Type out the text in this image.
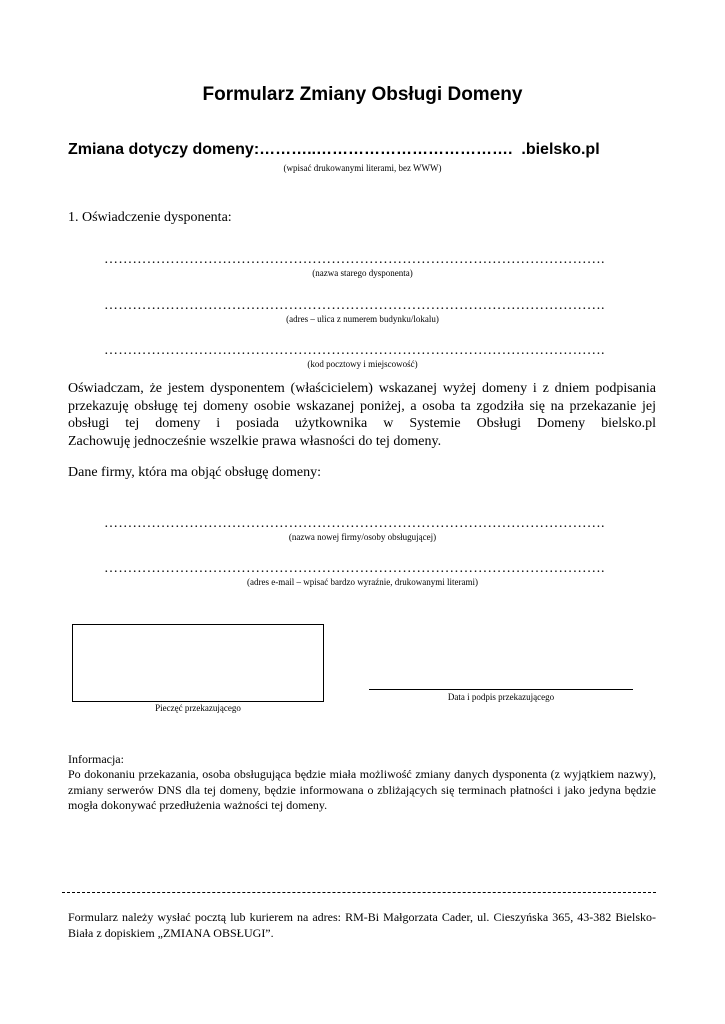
Formularz Zmiany Obsługi Domeny
Zmiana dotyczy domeny:………..………………………………. .bielsko.pl
(wpisać drukowanymi literami, bez WWW)
1. Oświadczenie dysponenta:
…………………………………………………………………………………………….
(nazwa starego dysponenta)
…………………………………………………………………………………………….
(adres – ulica z numerem budynku/lokalu)
…………………………………………………………………………………………….
(kod pocztowy i miejscowość)
Oświadczam, że jestem dysponentem (właścicielem) wskazanej wyżej domeny i z dniem podpisania przekazuję obsługę tej domeny osobie wskazanej poniżej, a osoba ta zgodziła się na przekazanie jej obsługi tej domeny i posiada użytkownika w Systemie Obsługi Domeny bielsko.pl
Zachowuję jednocześnie wszelkie prawa własności do tej domeny.
Dane firmy, która ma objąć obsługę domeny:
…………………………………………………………………………………………….
(nazwa nowej firmy/osoby obsługującej)
…………………………………………………………………………………………….
(adres e-mail – wpisać bardzo wyraźnie, drukowanymi literami)
Pieczęć przekazującego
Data i podpis przekazującego
Informacja:
Po dokonaniu przekazania, osoba obsługująca będzie miała możliwość zmiany danych dysponenta (z wyjątkiem nazwy), zmiany serwerów DNS dla tej domeny, będzie informowana o zbliżających się terminach płatności i jako jedyna będzie mogła dokonywać przedłużenia ważności tej domeny.
Formularz należy wysłać pocztą lub kurierem na adres: RM-Bi Małgorzata Cader, ul. Cieszyńska 365, 43-382 Bielsko-Biała z dopiskiem „ZMIANA OBSŁUGI”.
